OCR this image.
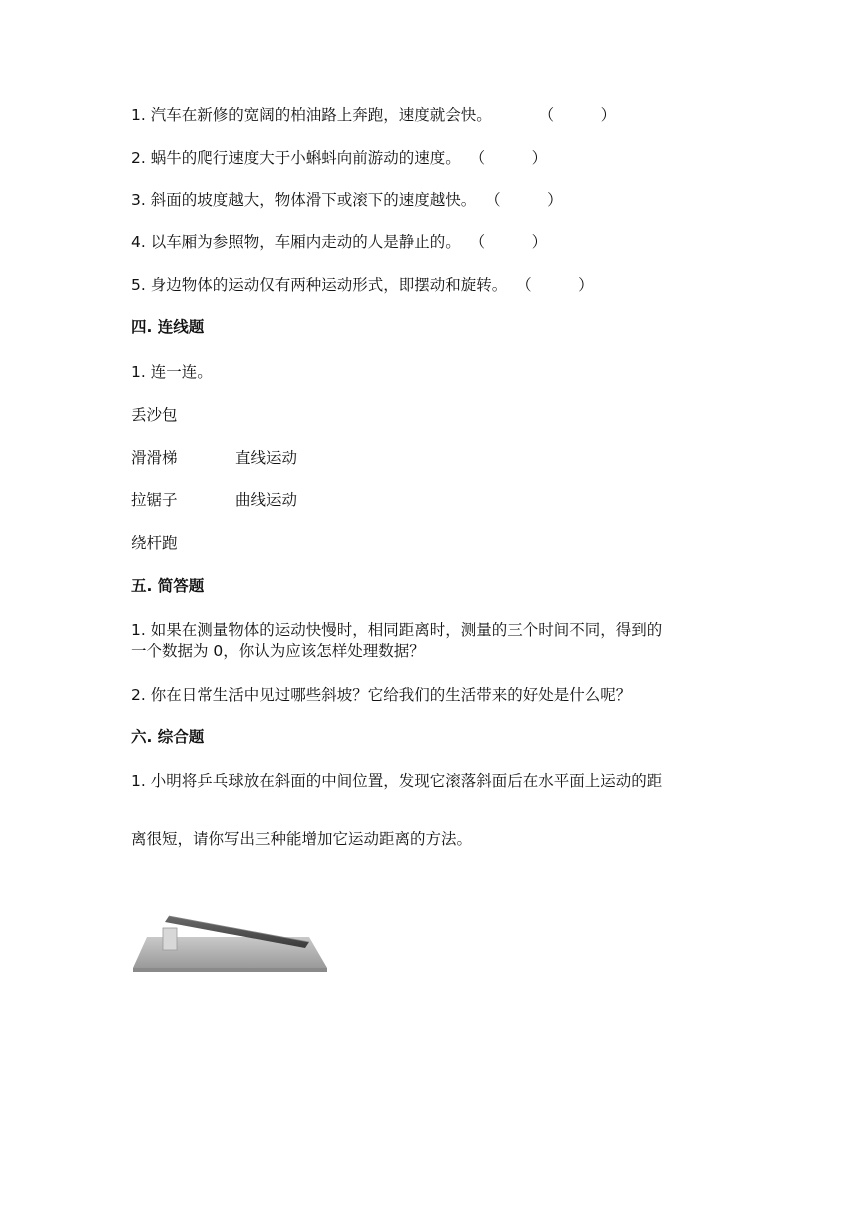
1. 汽车在新修的宽阔的柏油路上奔跑，速度就会快。	（　　　）
2. 蜗牛的爬行速度大于小蝌蚪向前游动的速度。 （　　　）
3. 斜面的坡度越大，物体滑下或滚下的速度越快。 （　　　）
4. 以车厢为参照物，车厢内走动的人是静止的。 （　　　）
5. 身边物体的运动仅有两种运动形式，即摆动和旋转。 （　　　）
四. 连线题
1. 连一连。
丢沙包
滑滑梯	直线运动
拉锯子	曲线运动
绕杆跑
五. 简答题
1. 如果在测量物体的运动快慢时，相同距离时，测量的三个时间不同，得到的
一个数据为 0，你认为应该怎样处理数据？
2. 你在日常生活中见过哪些斜坡？它给我们的生活带来的好处是什么呢？
六. 综合题
1. 小明将乒乓球放在斜面的中间位置，发现它滚落斜面后在水平面上运动的距
离很短，请你写出三种能增加它运动距离的方法。
